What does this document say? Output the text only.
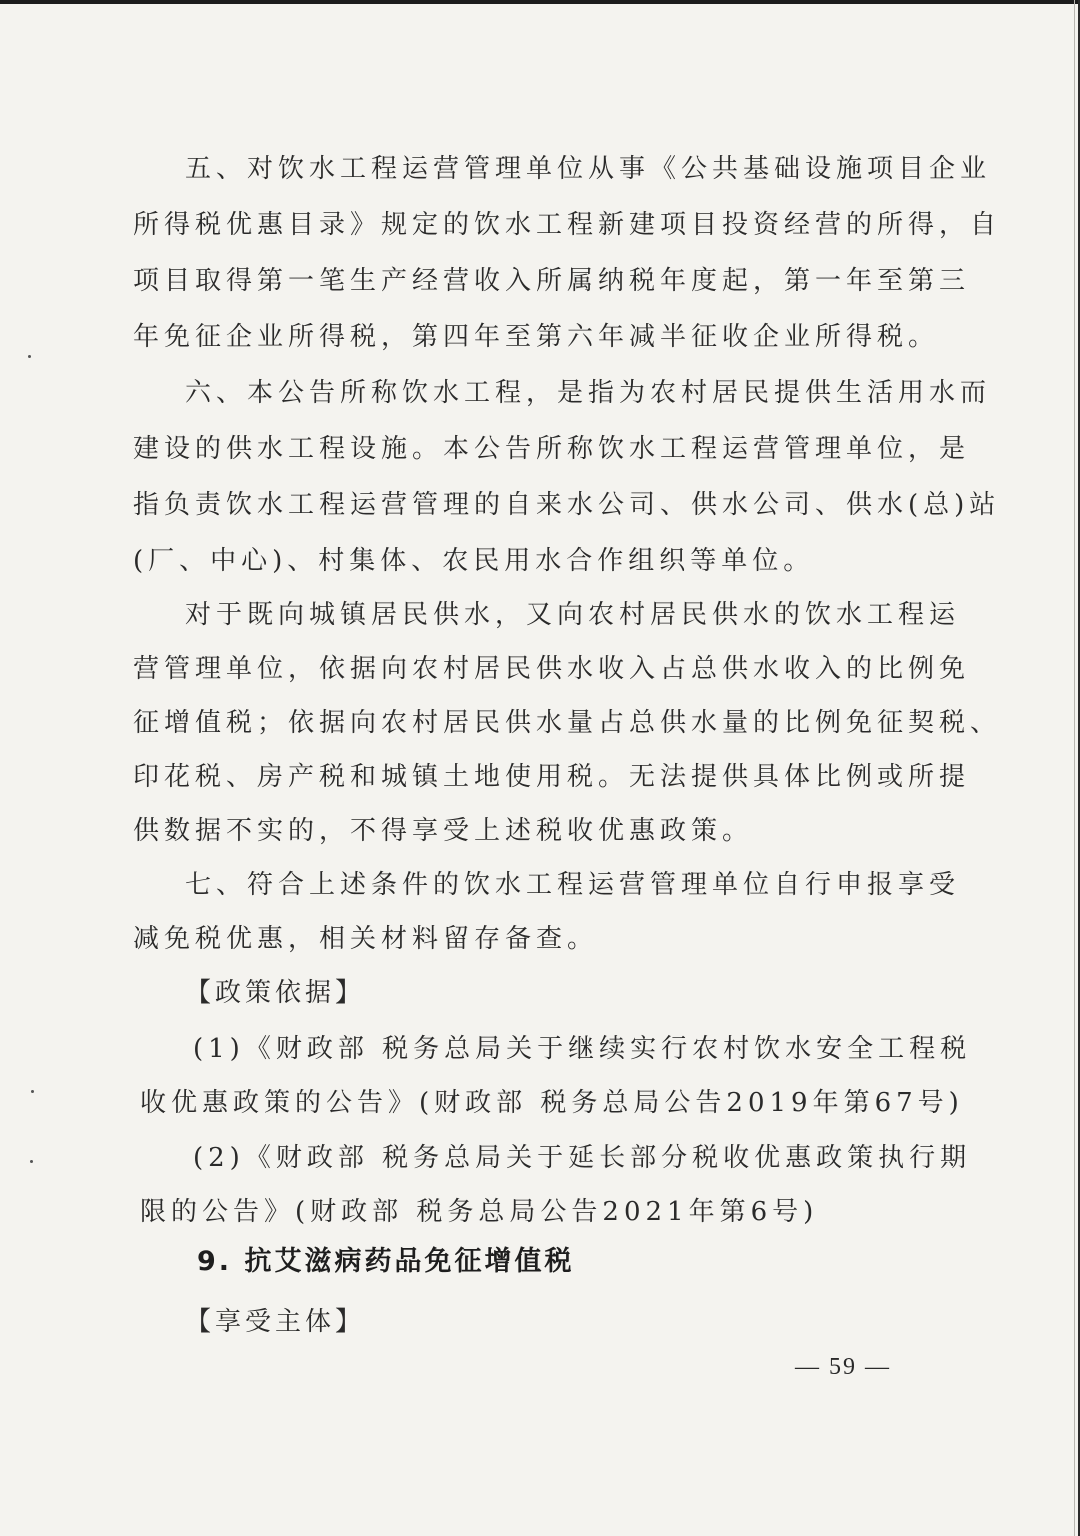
五、对饮水工程运营管理单位从事《公共基础设施项目企业
所得税优惠目录》规定的饮水工程新建项目投资经营的所得，自
项目取得第一笔生产经营收入所属纳税年度起，第一年至第三
年免征企业所得税，第四年至第六年减半征收企业所得税。
六、本公告所称饮水工程，是指为农村居民提供生活用水而
建设的供水工程设施。本公告所称饮水工程运营管理单位，是
指负责饮水工程运营管理的自来水公司、供水公司、供水(总)站
(厂、中心)、村集体、农民用水合作组织等单位。
对于既向城镇居民供水，又向农村居民供水的饮水工程运
营管理单位，依据向农村居民供水收入占总供水收入的比例免
征增值税；依据向农村居民供水量占总供水量的比例免征契税、
印花税、房产税和城镇土地使用税。无法提供具体比例或所提
供数据不实的，不得享受上述税收优惠政策。
七、符合上述条件的饮水工程运营管理单位自行申报享受
减免税优惠，相关材料留存备查。
【政策依据】
(1)《财政部 税务总局关于继续实行农村饮水安全工程税
收优惠政策的公告》(财政部 税务总局公告2019年第67号)
(2)《财政部 税务总局关于延长部分税收优惠政策执行期
限的公告》(财政部 税务总局公告2021年第6号)
9. 抗艾滋病药品免征增值税
【享受主体】
— 59 —
